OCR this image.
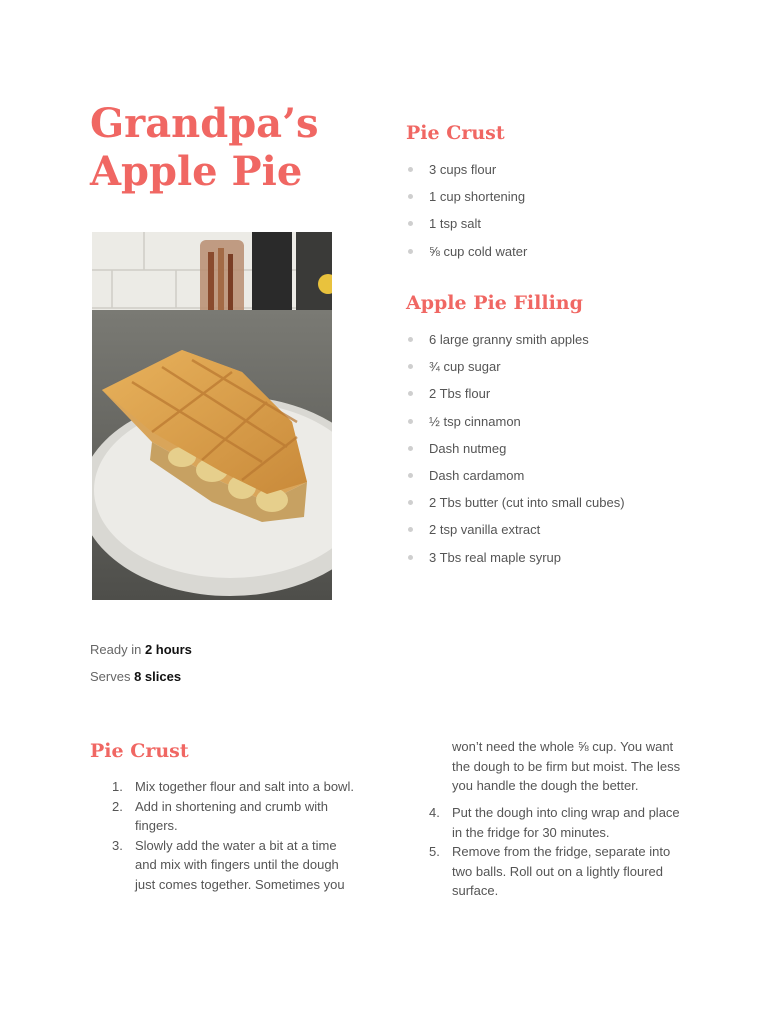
Grandpa’s
Apple Pie
Ready in 2 hours
Serves 8 slices
Pie Crust
3 cups flour
1 cup shortening
1 tsp salt
⅝ cup cold water
Apple Pie Filling
6 large granny smith apples
¾ cup sugar
2 Tbs flour
½ tsp cinnamon
Dash nutmeg
Dash cardamom
2 Tbs butter (cut into small cubes)
2 tsp vanilla extract
3 Tbs real maple syrup
Pie Crust
1. Mix together flour and salt into a bowl.
2. Add in shortening and crumb with fingers.
3. Slowly add the water a bit at a time and mix with fingers until the dough just comes together. Sometimes you

won’t need the whole ⅝ cup. You want the dough to be firm but moist. The less you handle the dough the better.

4. Put the dough into cling wrap and place in the fridge for 30 minutes.
5. Remove from the fridge, separate into two balls. Roll out on a lightly floured surface.
